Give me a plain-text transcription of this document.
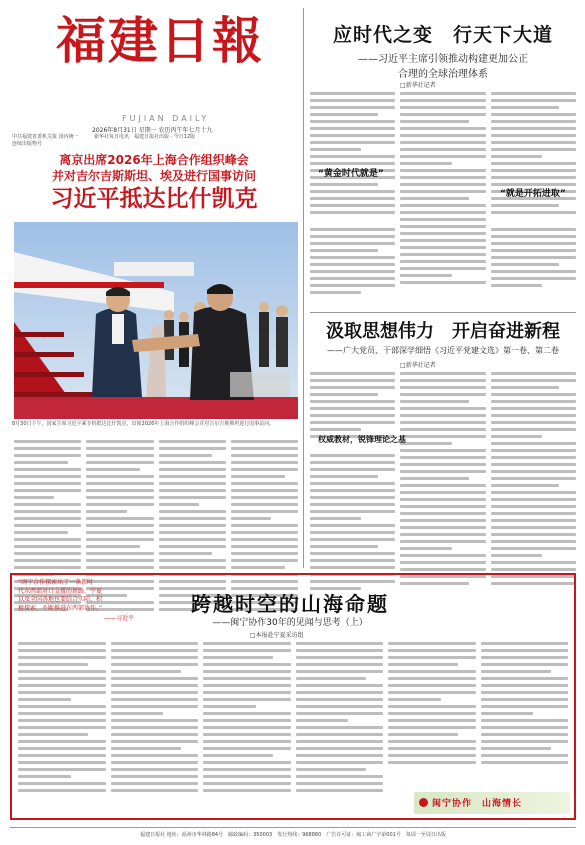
福建日報
FUJIAN DAILY
2026年8月31日 星期一 农历丙午年七月十九
中共福建省委机关报 国内统一连续出版物号
新华社每日电讯　福建日报社出版 · 今日12版
离京出席2026年上海合作组织峰会
并对吉尔吉斯斯坦、埃及进行国事访问
习近平抵达比什凯克
8月30日下午，国家主席习近平乘专机抵达比什凯克，出席2026年上海合作组织峰会并对吉尔吉斯斯坦进行国事访问。
应时代之变　行天下大道
——习近平主席引领推动构建更加公正
合理的全球治理体系
□新华社记者
“黄金时代就是”
“就是开拓进取”
汲取思想伟力　开启奋进新程
——广大党员、干部深学细悟《习近平党建文选》第一卷、第二卷
□新华社记者
权威教材，锐锋理论之基
“闽宁合作探索出了一条新时
代东西部对口支援的新路，宁夏
以及全国各地也要结合实际，积
极探索，不断推进东西部协作。”
——习近平
跨越时空的山海命题
——闽宁协作30年的见闻与思考（上）
□本报赴宁夏采访组
闽宁协作　山海情长
福建日报社 地址：福州市华林路84号　邮政编码：350003　发行热线：968880　广告许可证：闽工商广字第001号　每周一至周日出版
